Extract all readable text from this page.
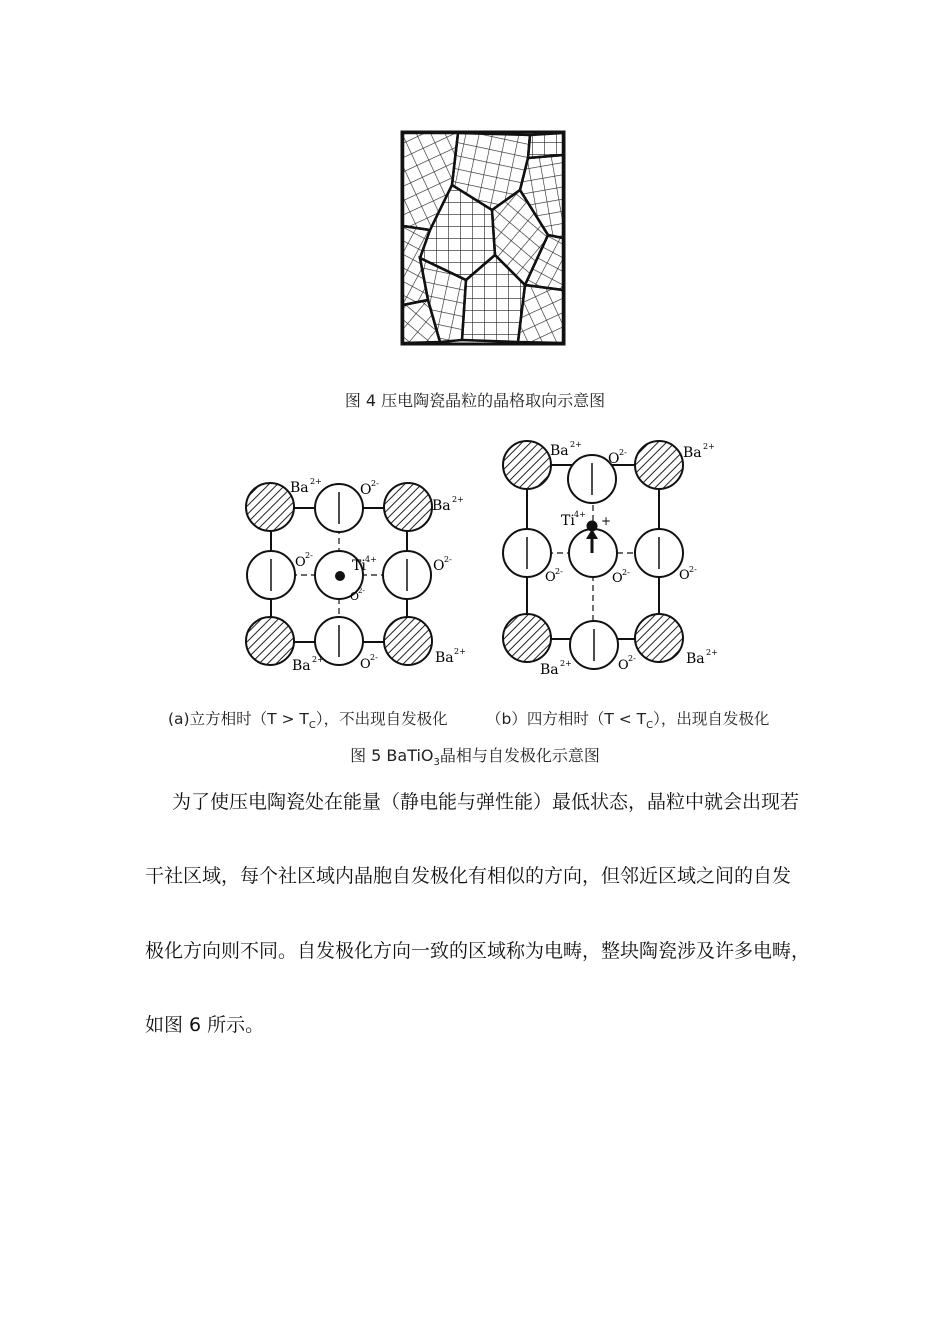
图 4 压电陶瓷晶粒的晶格取向示意图
Ba 2+
O 2-
Ba 2+
O 2-
Ti 4+	O 2-
O
2-
Ba 2+	O 2-	Ba 2+
Ba 2+
O 2-	Ba 2+
Ti 4+ +
O 2-	O 2-	O 2-
Ba 2+	O 2-	Ba 2+
(a)立方相时$(T > T_C)$，不出现自发极化 （b）四方相时$(T < T_C)$，出现自发极化
图 5 BaTiO$_3$晶相与自发极化示意图
为了使压电陶瓷处在能量（静电能与弹性能）最低状态，晶粒中就会出现若
干社区域，每个社区域内晶胞自发极化有相似的方向，但邻近区域之间的自发
极化方向则不同。自发极化方向一致的区域称为电畴，整块陶瓷涉及许多电畴，
如图 6 所示。
